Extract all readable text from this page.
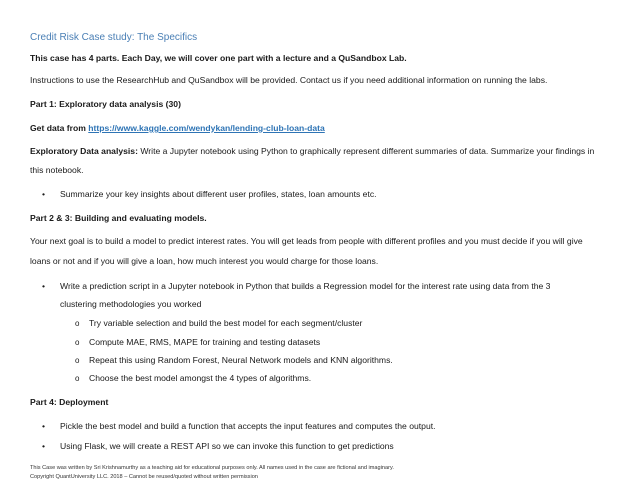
Credit Risk Case study: The Specifics
This case has 4 parts. Each Day, we will cover one part with a lecture and a QuSandbox Lab.
Instructions to use the ResearchHub and QuSandbox will be provided. Contact us if you need additional information on running the labs.
Part 1: Exploratory data analysis (30)
Get data from https://www.kaggle.com/wendykan/lending-club-loan-data
Exploratory Data analysis: Write a Jupyter notebook using Python to graphically represent different summaries of data. Summarize your findings in
this notebook.
• Summarize your key insights about different user profiles, states, loan amounts etc.
Part 2 & 3: Building and evaluating models.
Your next goal is to build a model to predict interest rates. You will get leads from people with different profiles and you must decide if you will give
loans or not and if you will give a loan, how much interest you would charge for those loans.
• Write a prediction script in a Jupyter notebook in Python that builds a Regression model for the interest rate using data from the 3
clustering methodologies you worked
o Try variable selection and build the best model for each segment/cluster
o Compute MAE, RMS, MAPE for training and testing datasets
o Repeat this using Random Forest, Neural Network models and KNN algorithms.
o Choose the best model amongst the 4 types of algorithms.
Part 4: Deployment
• Pickle the best model and build a function that accepts the input features and computes the output.
• Using Flask, we will create a REST API so we can invoke this function to get predictions
This Case was written by Sri Krishnamurthy as a teaching aid for educational purposes only. All names used in the case are fictional and imaginary.
Copyright QuantUniversity LLC. 2018 – Cannot be reused/quoted without written permission
